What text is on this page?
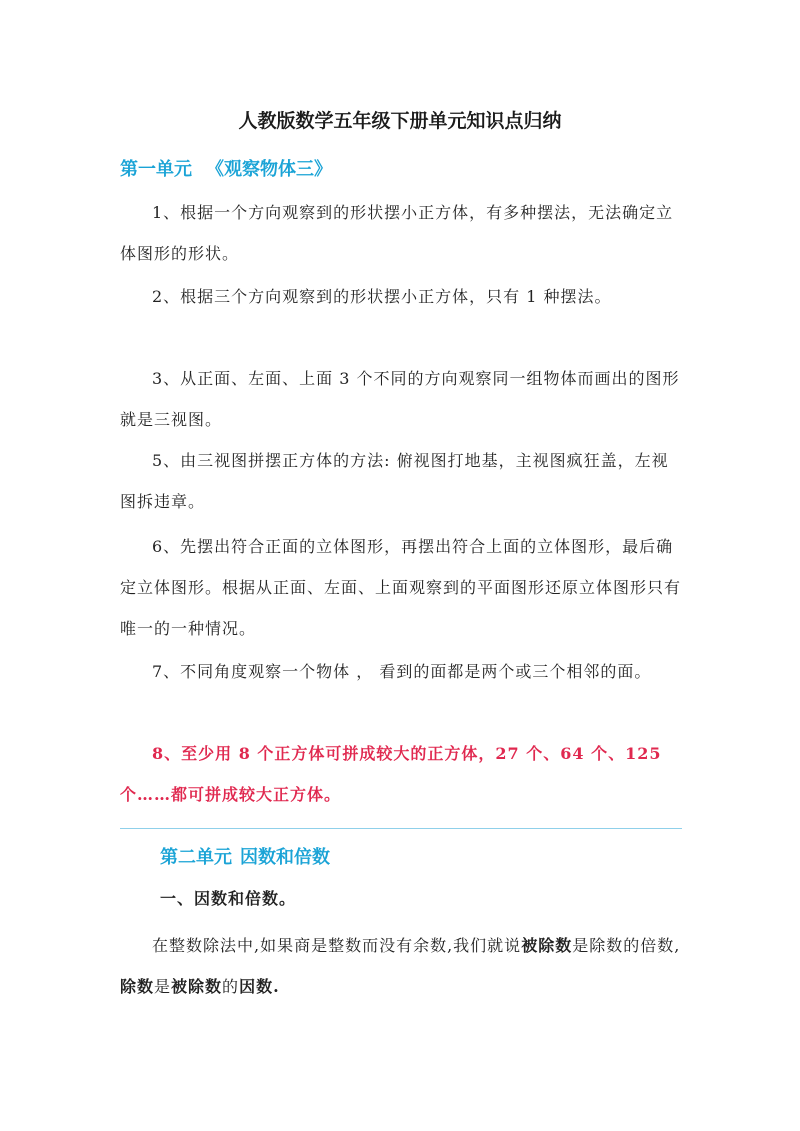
人教版数学五年级下册单元知识点归纳
第一单元 《观察物体三》

1、根据一个方向观察到的形状摆小正方体，有多种摆法，无法确定立体图形的形状。

2、根据三个方向观察到的形状摆小正方体，只有 1 种摆法。

3、从正面、左面、上面 3 个不同的方向观察同一组物体而画出的图形就是三视图。

5、由三视图拼摆正方体的方法: 俯视图打地基，主视图疯狂盖，左视图拆违章。

6、先摆出符合正面的立体图形，再摆出符合上面的立体图形，最后确定立体图形。根据从正面、左面、上面观察到的平面图形还原立体图形只有唯一的一种情况。

7、不同角度观察一个物体 ， 看到的面都是两个或三个相邻的面。

8、至少用 8 个正方体可拼成较大的正方体，27 个、64 个、125 个……都可拼成较大正方体。

第二单元 因数和倍数

一、因数和倍数。

在整数除法中,如果商是整数而没有余数,我们就说被除数是除数的倍数,除数是被除数的因数.
